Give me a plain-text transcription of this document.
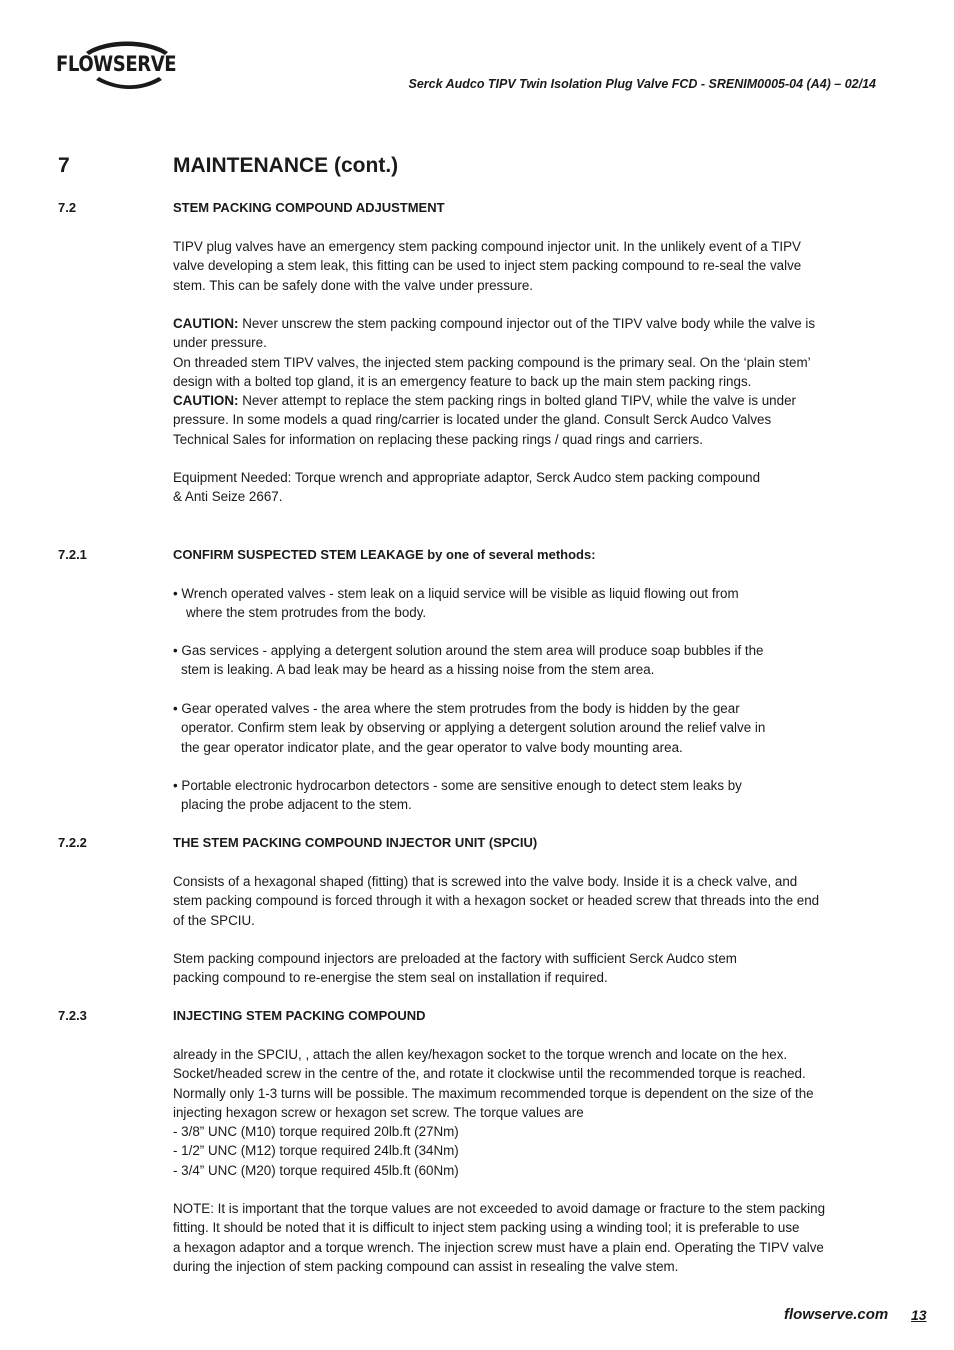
FLOWSERVE
Serck Audco TIPV Twin Isolation Plug Valve FCD - SRENIM0005-04 (A4) – 02/14
7	MAINTENANCE (cont.)
7.2	STEM PACKING COMPOUND ADJUSTMENT
TIPV plug valves have an emergency stem packing compound injector unit. In the unlikely event of a TIPV
valve developing a stem leak, this fitting can be used to inject stem packing compound to re-seal the valve
stem. This can be safely done with the valve under pressure.
CAUTION: Never unscrew the stem packing compound injector out of the TIPV valve body while the valve is
under pressure.
On threaded stem TIPV valves, the injected stem packing compound is the primary seal. On the ‘plain stem’
design with a bolted top gland, it is an emergency feature to back up the main stem packing rings.
CAUTION: Never attempt to replace the stem packing rings in bolted gland TIPV, while the valve is under
pressure. In some models a quad ring/carrier is located under the gland. Consult Serck Audco Valves
Technical Sales for information on replacing these packing rings / quad rings and carriers.
Equipment Needed: Torque wrench and appropriate adaptor, Serck Audco stem packing compound
& Anti Seize 2667.
7.2.1	CONFIRM SUSPECTED STEM LEAKAGE by one of several methods:
• Wrench operated valves - stem leak on a liquid service will be visible as liquid flowing out from
where the stem protrudes from the body.
• Gas services - applying a detergent solution around the stem area will produce soap bubbles if the
stem is leaking. A bad leak may be heard as a hissing noise from the stem area.
• Gear operated valves - the area where the stem protrudes from the body is hidden by the gear
operator. Confirm stem leak by observing or applying a detergent solution around the relief valve in
the gear operator indicator plate, and the gear operator to valve body mounting area.
• Portable electronic hydrocarbon detectors - some are sensitive enough to detect stem leaks by
placing the probe adjacent to the stem.
7.2.2	THE STEM PACKING COMPOUND INJECTOR UNIT (SPCIU)
Consists of a hexagonal shaped (fitting) that is screwed into the valve body. Inside it is a check valve, and
stem packing compound is forced through it with a hexagon socket or headed screw that threads into the end
of the SPCIU.
Stem packing compound injectors are preloaded at the factory with sufficient Serck Audco stem
packing compound to re-energise the stem seal on installation if required.
7.2.3	INJECTING STEM PACKING COMPOUND
already in the SPCIU, , attach the allen key/hexagon socket to the torque wrench and locate on the hex.
Socket/headed screw in the centre of the, and rotate it clockwise until the recommended torque is reached.
Normally only 1-3 turns will be possible. The maximum recommended torque is dependent on the size of the
injecting hexagon screw or hexagon set screw. The torque values are
- 3/8” UNC (M10) torque required 20lb.ft (27Nm)
- 1/2” UNC (M12) torque required 24lb.ft (34Nm)
- 3/4” UNC (M20) torque required 45lb.ft (60Nm)
NOTE: It is important that the torque values are not exceeded to avoid damage or fracture to the stem packing
fitting. It should be noted that it is difficult to inject stem packing using a winding tool; it is preferable to use
a hexagon adaptor and a torque wrench. The injection screw must have a plain end. Operating the TIPV valve
during the injection of stem packing compound can assist in resealing the valve stem.
flowserve.com 13
